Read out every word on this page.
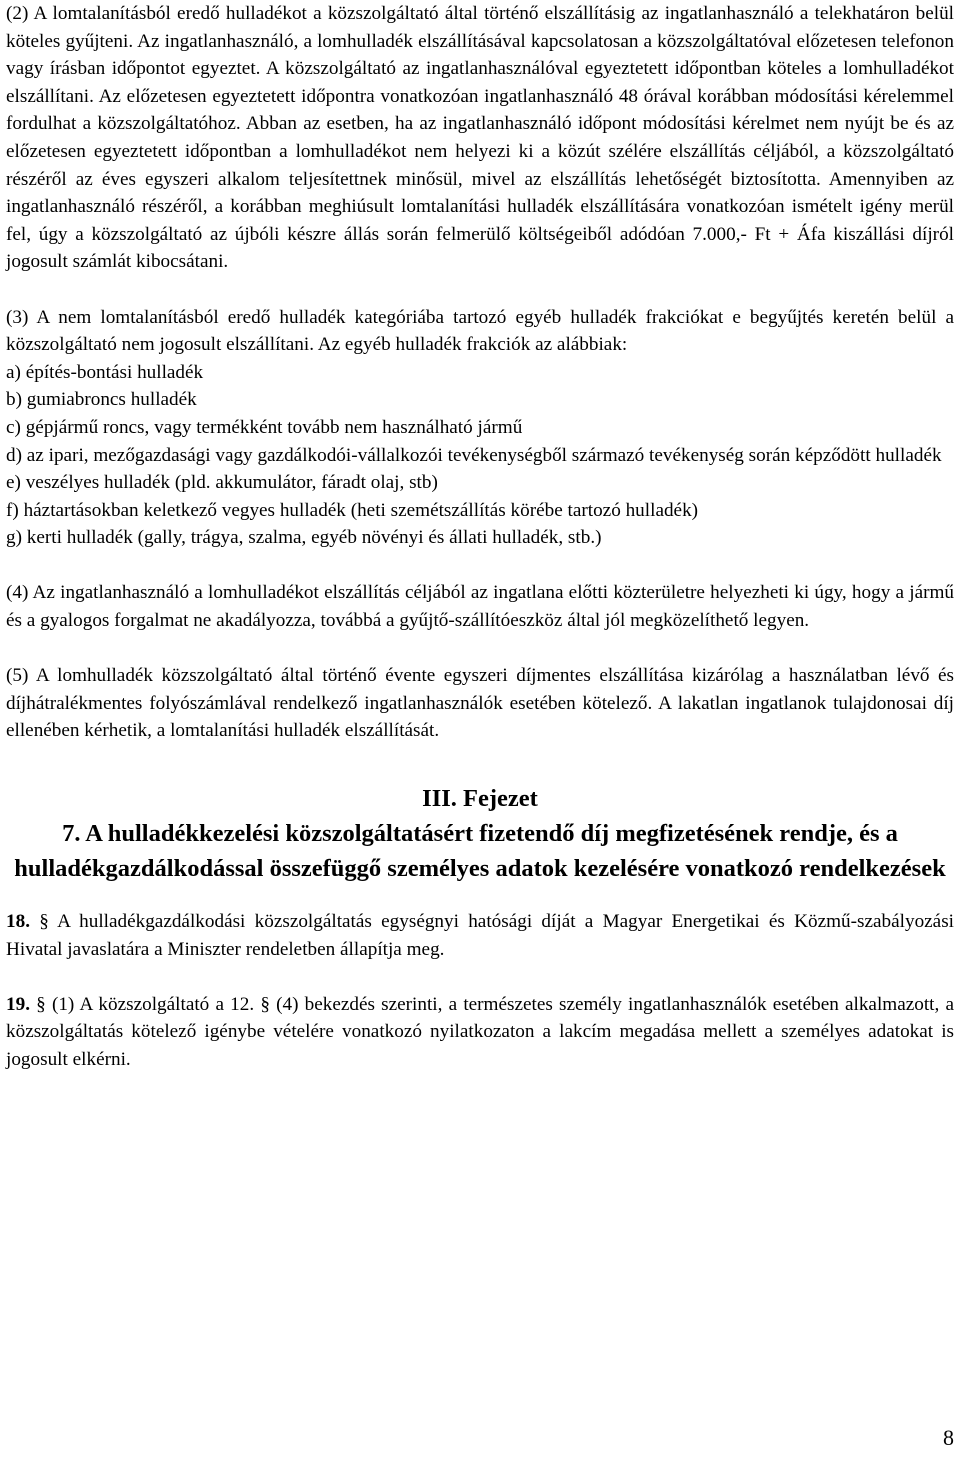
(2) A lomtalanításból eredő hulladékot a közszolgáltató által történő elszállításig az ingatlanhasználó a telekhatáron belül köteles gyűjteni. Az ingatlanhasználó, a lomhulladék elszállításával kapcsolatosan a közszolgáltatóval előzetesen telefonon vagy írásban időpontot egyeztet. A közszolgáltató az ingatlanhasználóval egyeztetett időpontban köteles a lomhulladékot elszállítani. Az előzetesen egyeztetett időpontra vonatkozóan ingatlanhasználó 48 órával korábban módosítási kérelemmel fordulhat a közszolgáltatóhoz. Abban az esetben, ha az ingatlanhasználó időpont módosítási kérelmet nem nyújt be és az előzetesen egyeztetett időpontban a lomhulladékot nem helyezi ki a közút szélére elszállítás céljából, a közszolgáltató részéről az éves egyszeri alkalom teljesítettnek minősül, mivel az elszállítás lehetőségét biztosította. Amennyiben az ingatlanhasználó részéről, a korábban meghiúsult lomtalanítási hulladék elszállítására vonatkozóan ismételt igény merül fel, úgy a közszolgáltató az újbóli készre állás során felmerülő költségeiből adódóan 7.000,- Ft + Áfa kiszállási díjról jogosult számlát kibocsátani.

(3) A nem lomtalanításból eredő hulladék kategóriába tartozó egyéb hulladék frakciókat e begyűjtés keretén belül a közszolgáltató nem jogosult elszállítani. Az egyéb hulladék frakciók az alábbiak:

a) építés-bontási hulladék

b) gumiabroncs hulladék

c) gépjármű roncs, vagy termékként tovább nem használható jármű

d) az ipari, mezőgazdasági vagy gazdálkodói-vállalkozói tevékenységből származó tevékenység során képződött hulladék

e) veszélyes hulladék (pld. akkumulátor, fáradt olaj, stb)

f) háztartásokban keletkező vegyes hulladék (heti szemétszállítás körébe tartozó hulladék)

g) kerti hulladék (gally, trágya, szalma, egyéb növényi és állati hulladék, stb.)

(4) Az ingatlanhasználó a lomhulladékot elszállítás céljából az ingatlana előtti közterületre helyezheti ki úgy, hogy a jármű és a gyalogos forgalmat ne akadályozza, továbbá a gyűjtő-szállítóeszköz által jól megközelíthető legyen.

(5) A lomhulladék közszolgáltató által történő évente egyszeri díjmentes elszállítása kizárólag a használatban lévő és díjhátralékmentes folyószámlával rendelkező ingatlanhasználók esetében kötelező. A lakatlan ingatlanok tulajdonosai díj ellenében kérhetik, a lomtalanítási hulladék elszállítását.

III. Fejezet

7. A hulladékkezelési közszolgáltatásért fizetendő díj megfizetésének rendje, és a hulladékgazdálkodással összefüggő személyes adatok kezelésére vonatkozó rendelkezések

18. § A hulladékgazdálkodási közszolgáltatás egységnyi hatósági díját a Magyar Energetikai és Közmű-szabályozási Hivatal javaslatára a Miniszter rendeletben állapítja meg.

19. § (1) A közszolgáltató a 12. § (4) bekezdés szerinti, a természetes személy ingatlanhasználók esetében alkalmazott, a közszolgáltatás kötelező igénybe vételére vonatkozó nyilatkozaton a lakcím megadása mellett a személyes adatokat is jogosult elkérni.

8
